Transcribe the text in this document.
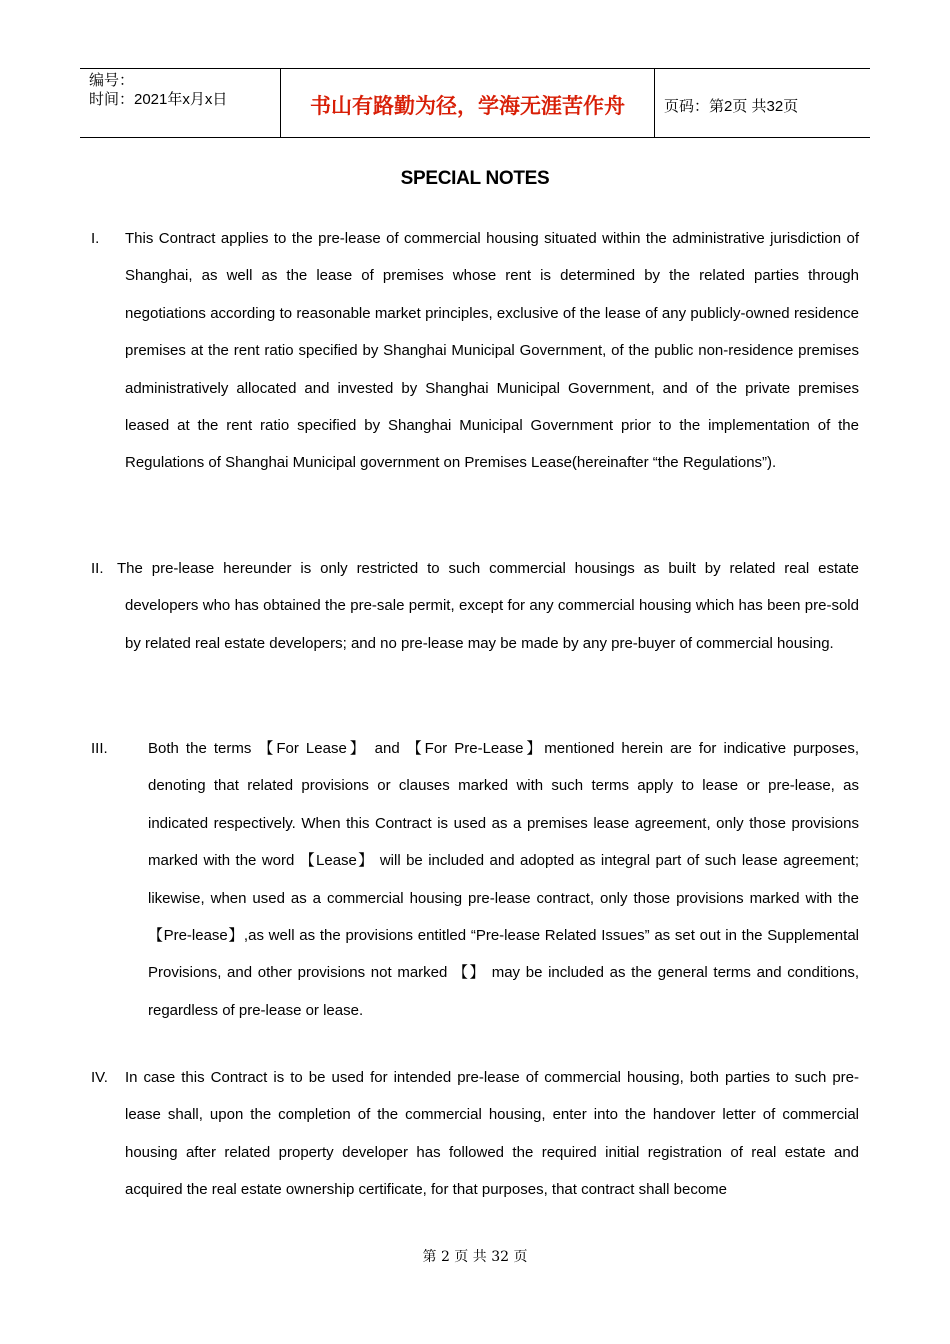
编号：
时间：2021年x月x日	书山有路勤为径，学海无涯苦作舟	页码：第2页 共32页
SPECIAL NOTES
I.	This Contract applies to the pre-lease of commercial housing situated within the administrative jurisdiction of Shanghai, as well as the lease of premises whose rent is determined by the related parties through negotiations according to reasonable market principles, exclusive of the lease of any publicly-owned residence premises at the rent ratio specified by Shanghai Municipal Government, of the public non-residence premises administratively allocated and invested by Shanghai Municipal Government, and of the private premises leased at the rent ratio specified by Shanghai Municipal Government prior to the implementation of the Regulations of Shanghai Municipal government on Premises Lease(hereinafter “the Regulations”).

II. The pre-lease hereunder is only restricted to such commercial housings as built by related real estate developers who has obtained the pre-sale permit, except for any commercial housing which has been pre-sold by related real estate developers; and no pre-lease may be made by any pre-buyer of commercial housing.

III.	Both the terms 【For Lease】 and 【For Pre-Lease】mentioned herein are for indicative purposes, denoting that related provisions or clauses marked with such terms apply to lease or pre-lease, as indicated respectively. When this Contract is used as a premises lease agreement, only those provisions marked with the word 【Lease】 will be included and adopted as integral part of such lease agreement; likewise, when used as a commercial housing pre-lease contract, only those provisions marked with the【Pre-lease】,as well as the provisions entitled “Pre-lease Related Issues” as set out in the Supplemental Provisions, and other provisions not marked 【】 may be included as the general terms and conditions, regardless of pre-lease or lease.

IV.	In case this Contract is to be used for intended pre-lease of commercial housing, both parties to such pre-lease shall, upon the completion of the commercial housing, enter into the handover letter of commercial housing after related property developer has followed the required initial registration of real estate and acquired the real estate ownership certificate, for that purposes, that contract shall become

第 2 页 共 32 页
